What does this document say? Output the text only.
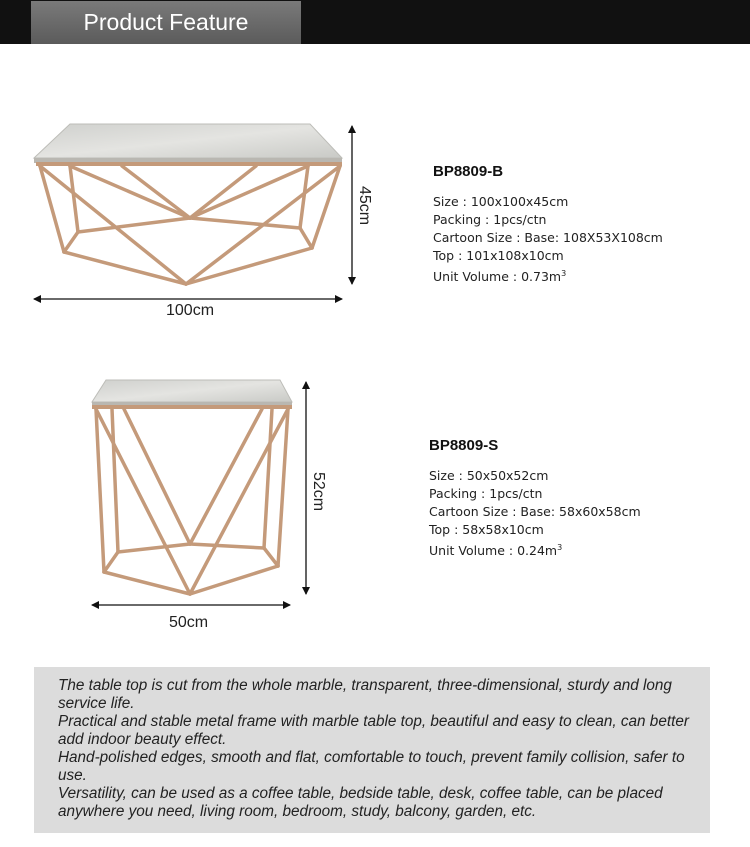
Product Feature
100cm
45cm
50cm
52cm
BP8809-B
Size : 100x100x45cm
Packing : 1pcs/ctn
Cartoon Size : Base: 108X53X108cm
Top : 101x108x10cm
Unit Volume : $0.73m^3$
BP8809-S
Size : 50x50x52cm
Packing : 1pcs/ctn
Cartoon Size : Base: 58x60x58cm
Top : 58x58x10cm
Unit Volume : $0.24m^3$

The table top is cut from the whole marble, transparent, three-dimensional, sturdy and long service life.

Practical and stable metal frame with marble table top, beautiful and easy to clean, can better add indoor beauty effect.

Hand-polished edges, smooth and flat, comfortable to touch, prevent family collision, safer to use.

Versatility, can be used as a coffee table, bedside table, desk, coffee table, can be placed anywhere you need, living room, bedroom, study, balcony, garden, etc.
